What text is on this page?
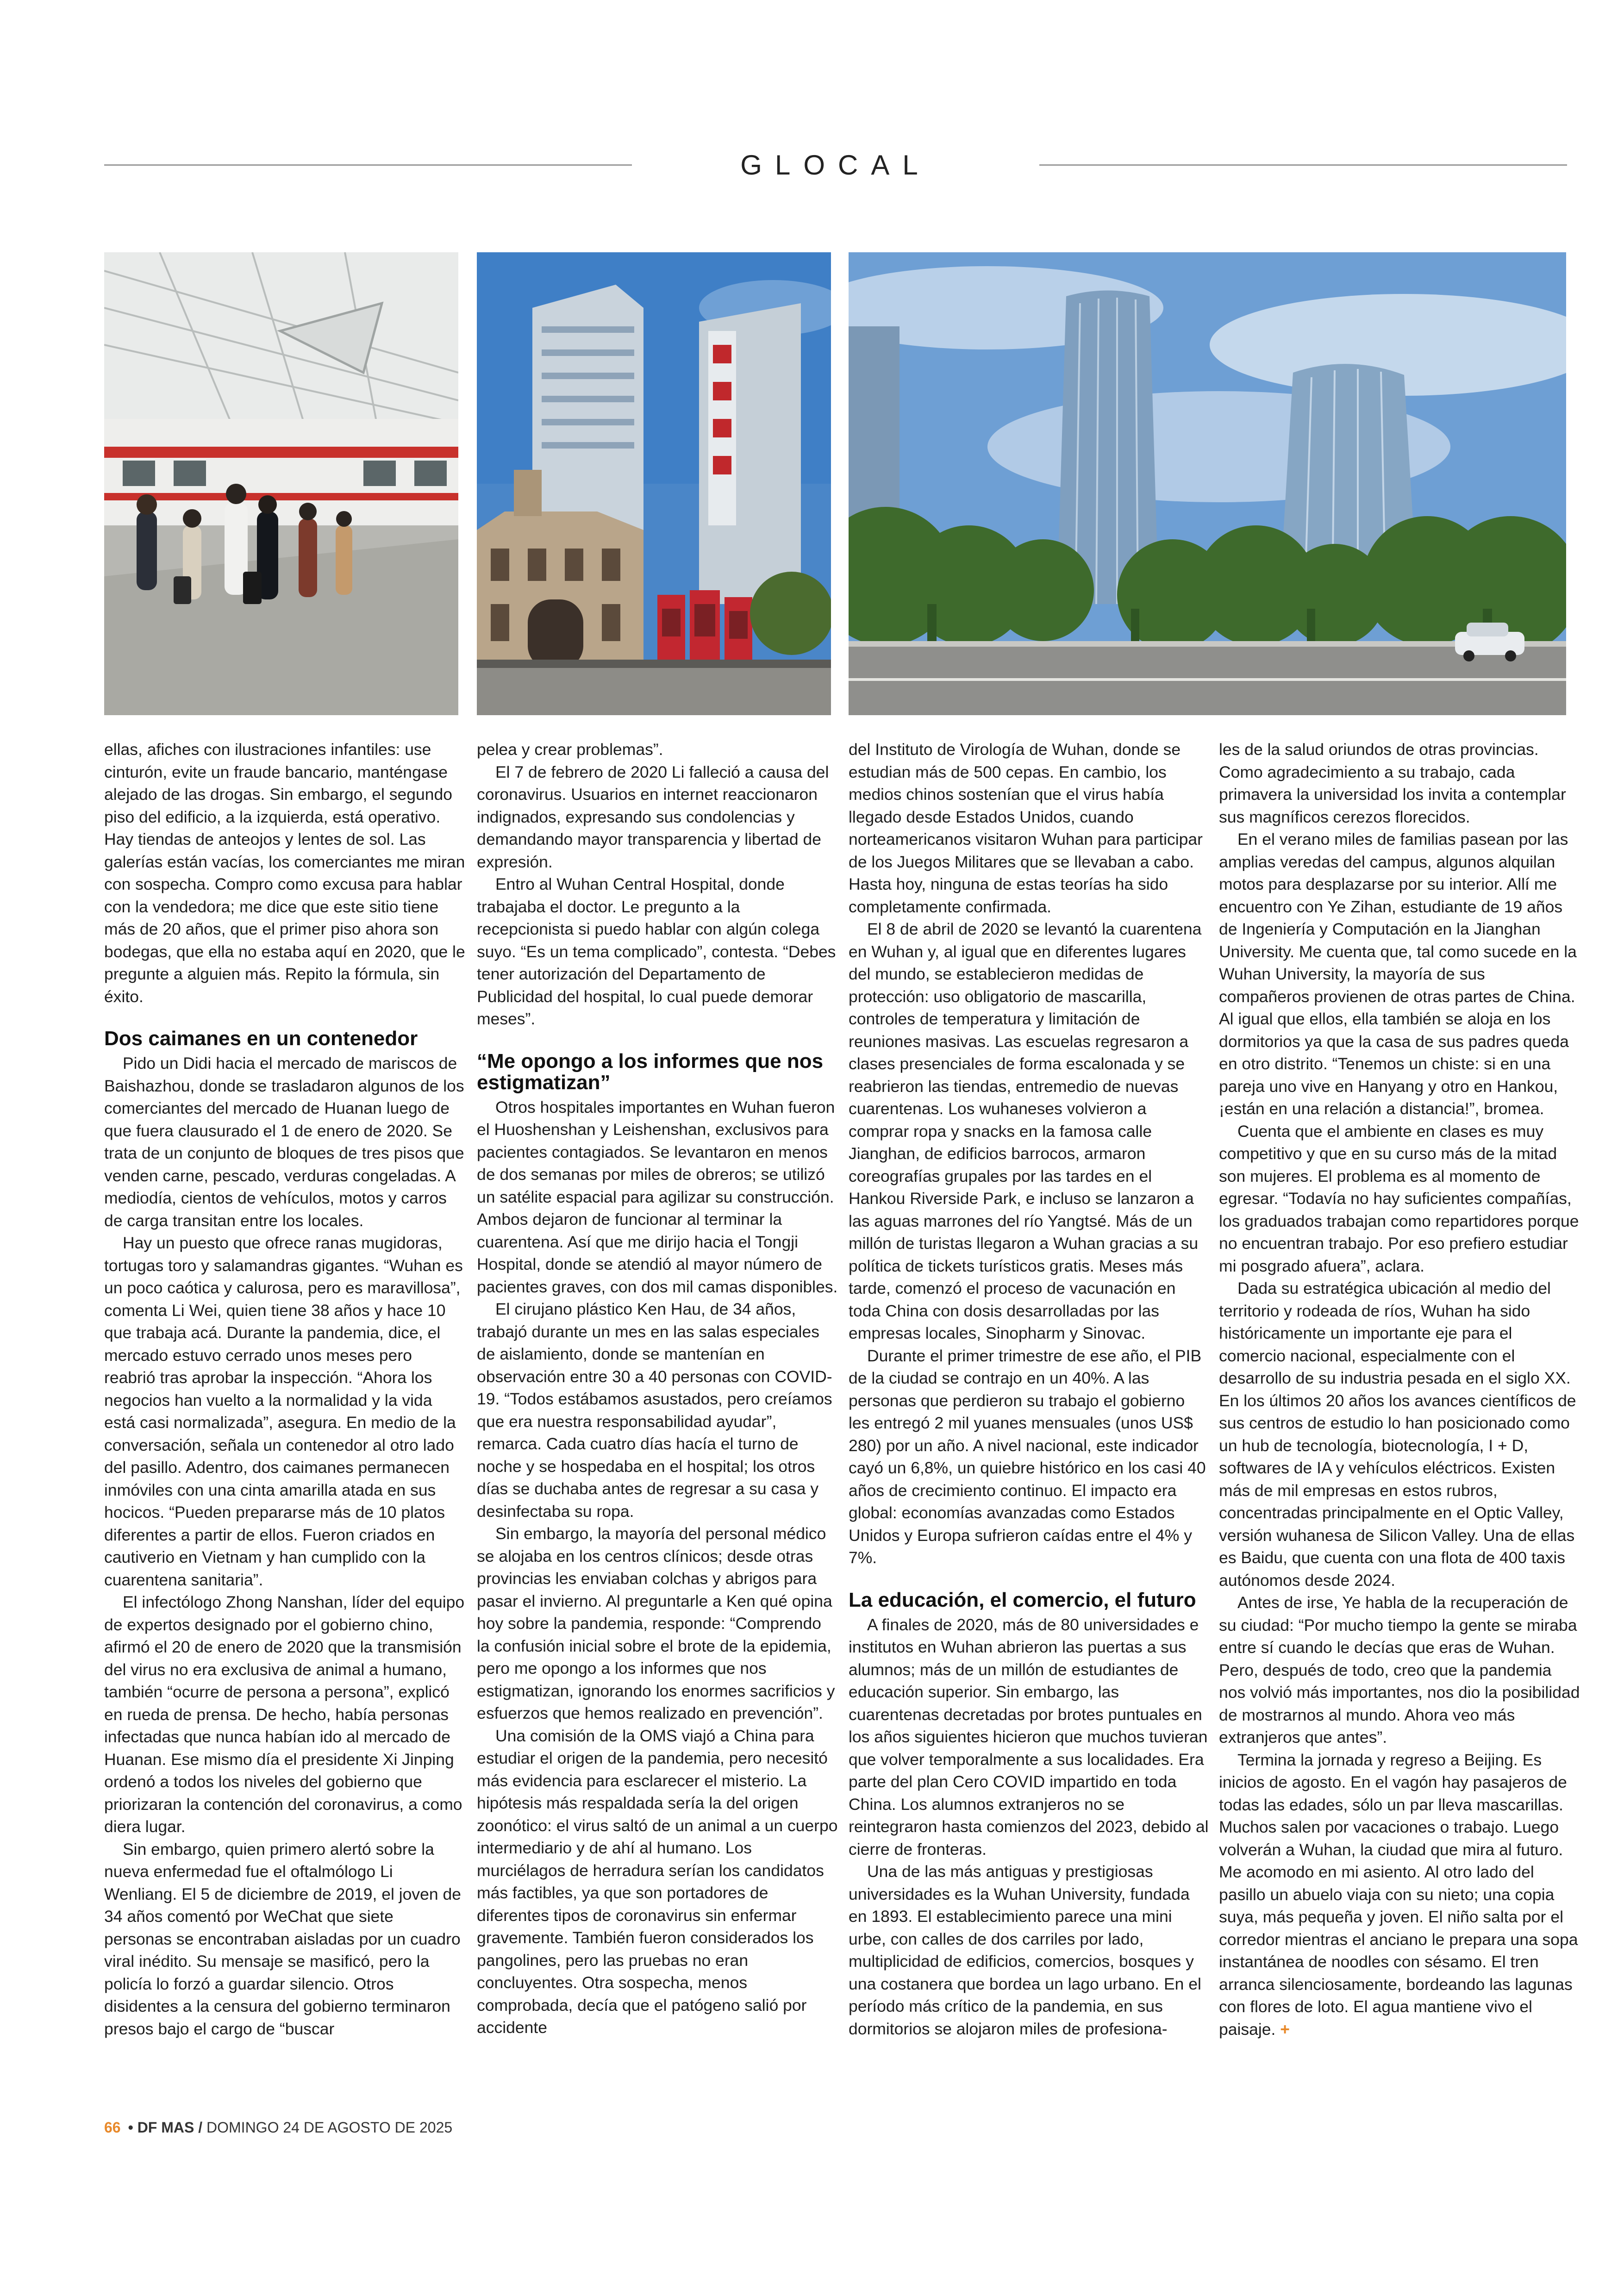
GLOCAL

ellas, afiches con ilustraciones infantiles: use cinturón, evite un fraude bancario, manténgase alejado de las drogas. Sin embargo, el segundo piso del edificio, a la izquierda, está operativo. Hay tiendas de anteojos y lentes de sol. Las galerías están vacías, los comerciantes me miran con sospecha. Compro como excusa para hablar con la vendedora; me dice que este sitio tiene más de 20 años, que el primer piso ahora son bodegas, que ella no estaba aquí en 2020, que le pregunte a alguien más. Repito la fórmula, sin éxito.

Dos caimanes en un contenedor

Pido un Didi hacia el mercado de mariscos de Baishazhou, donde se trasladaron algunos de los comerciantes del mercado de Huanan luego de que fuera clausurado el 1 de enero de 2020. Se trata de un conjunto de bloques de tres pisos que venden carne, pescado, verduras congeladas. A mediodía, cientos de vehículos, motos y carros de carga transitan entre los locales.

Hay un puesto que ofrece ranas mugidoras, tortugas toro y salamandras gigantes. “Wuhan es un poco caótica y calurosa, pero es maravillosa”, comenta Li Wei, quien tiene 38 años y hace 10 que trabaja acá. Durante la pandemia, dice, el mercado estuvo cerrado unos meses pero reabrió tras aprobar la inspección. “Ahora los negocios han vuelto a la normalidad y la vida está casi normalizada”, asegura. En medio de la conversación, señala un contenedor al otro lado del pasillo. Adentro, dos caimanes permanecen inmóviles con una cinta amarilla atada en sus hocicos. “Pueden prepararse más de 10 platos diferentes a partir de ellos. Fueron criados en cautiverio en Vietnam y han cumplido con la cuarentena sanitaria”.

El infectólogo Zhong Nanshan, líder del equipo de expertos designado por el gobierno chino, afirmó el 20 de enero de 2020 que la transmisión del virus no era exclusiva de animal a humano, también “ocurre de persona a persona”, explicó en rueda de prensa. De hecho, había personas infectadas que nunca habían ido al mercado de Huanan. Ese mismo día el presidente Xi Jinping ordenó a todos los niveles del gobierno que priorizaran la contención del coronavirus, a como diera lugar.

Sin embargo, quien primero alertó sobre la nueva enfermedad fue el oftalmólogo Li Wenliang. El 5 de diciembre de 2019, el joven de 34 años comentó por WeChat que siete personas se encontraban aisladas por un cuadro viral inédito. Su mensaje se masificó, pero la policía lo forzó a guardar silencio. Otros disidentes a la censura del gobierno terminaron presos bajo el cargo de “buscar

pelea y crear problemas”.

El 7 de febrero de 2020 Li falleció a causa del coronavirus. Usuarios en internet reaccionaron indignados, expresando sus condolencias y demandando mayor transparencia y libertad de expresión.

Entro al Wuhan Central Hospital, donde trabajaba el doctor. Le pregunto a la recepcionista si puedo hablar con algún colega suyo. “Es un tema complicado”, contesta. “Debes tener autorización del Departamento de Publicidad del hospital, lo cual puede demorar meses”.

“Me opongo a los informes que nos estigmatizan”

Otros hospitales importantes en Wuhan fueron el Huoshenshan y Leishenshan, exclusivos para pacientes contagiados. Se levantaron en menos de dos semanas por miles de obreros; se utilizó un satélite espacial para agilizar su construcción. Ambos dejaron de funcionar al terminar la cuarentena. Así que me dirijo hacia el Tongji Hospital, donde se atendió al mayor número de pacientes graves, con dos mil camas disponibles.

El cirujano plástico Ken Hau, de 34 años, trabajó durante un mes en las salas especiales de aislamiento, donde se mantenían en observación entre 30 a 40 personas con COVID-19. “Todos estábamos asustados, pero creíamos que era nuestra responsabilidad ayudar”, remarca. Cada cuatro días hacía el turno de noche y se hospedaba en el hospital; los otros días se duchaba antes de regresar a su casa y desinfectaba su ropa.

Sin embargo, la mayoría del personal médico se alojaba en los centros clínicos; desde otras provincias les enviaban colchas y abrigos para pasar el invierno. Al preguntarle a Ken qué opina hoy sobre la pandemia, responde: “Comprendo la confusión inicial sobre el brote de la epidemia, pero me opongo a los informes que nos estigmatizan, ignorando los enormes sacrificios y esfuerzos que hemos realizado en prevención”.

Una comisión de la OMS viajó a China para estudiar el origen de la pandemia, pero necesitó más evidencia para esclarecer el misterio. La hipótesis más respaldada sería la del origen zoonótico: el virus saltó de un animal a un cuerpo intermediario y de ahí al humano. Los murciélagos de herradura serían los candidatos más factibles, ya que son portadores de diferentes tipos de coronavirus sin enfermar gravemente. También fueron considerados los pangolines, pero las pruebas no eran concluyentes. Otra sospecha, menos comprobada, decía que el patógeno salió por accidente

del Instituto de Virología de Wuhan, donde se estudian más de 500 cepas. En cambio, los medios chinos sostenían que el virus había llegado desde Estados Unidos, cuando norteamericanos visitaron Wuhan para participar de los Juegos Militares que se llevaban a cabo. Hasta hoy, ninguna de estas teorías ha sido completamente confirmada.

El 8 de abril de 2020 se levantó la cuarentena en Wuhan y, al igual que en diferentes lugares del mundo, se establecieron medidas de protección: uso obligatorio de mascarilla, controles de temperatura y limitación de reuniones masivas. Las escuelas regresaron a clases presenciales de forma escalonada y se reabrieron las tiendas, entremedio de nuevas cuarentenas. Los wuhaneses volvieron a comprar ropa y snacks en la famosa calle Jianghan, de edificios barrocos, armaron coreografías grupales por las tardes en el Hankou Riverside Park, e incluso se lanzaron a las aguas marrones del río Yangtsé. Más de un millón de turistas llegaron a Wuhan gracias a su política de tickets turísticos gratis. Meses más tarde, comenzó el proceso de vacunación en toda China con dosis desarrolladas por las empresas locales, Sinopharm y Sinovac.

Durante el primer trimestre de ese año, el PIB de la ciudad se contrajo en un 40%. A las personas que perdieron su trabajo el gobierno les entregó 2 mil yuanes mensuales (unos US$ 280) por un año. A nivel nacional, este indicador cayó un 6,8%, un quiebre histórico en los casi 40 años de crecimiento continuo. El impacto era global: economías avanzadas como Estados Unidos y Europa sufrieron caídas entre el 4% y 7%.

La educación, el comercio, el futuro

A finales de 2020, más de 80 universidades e institutos en Wuhan abrieron las puertas a sus alumnos; más de un millón de estudiantes de educación superior. Sin embargo, las cuarentenas decretadas por brotes puntuales en los años siguientes hicieron que muchos tuvieran que volver temporalmente a sus localidades. Era parte del plan Cero COVID impartido en toda China. Los alumnos extranjeros no se reintegraron hasta comienzos del 2023, debido al cierre de fronteras.

Una de las más antiguas y prestigiosas universidades es la Wuhan University, fundada en 1893. El establecimiento parece una mini urbe, con calles de dos carriles por lado, multiplicidad de edificios, comercios, bosques y una costanera que bordea un lago urbano. En el período más crítico de la pandemia, en sus dormitorios se alojaron miles de profesiona-

les de la salud oriundos de otras provincias. Como agradecimiento a su trabajo, cada primavera la universidad los invita a contemplar sus magníficos cerezos florecidos.

En el verano miles de familias pasean por las amplias veredas del campus, algunos alquilan motos para desplazarse por su interior. Allí me encuentro con Ye Zihan, estudiante de 19 años de Ingeniería y Computación en la Jianghan University. Me cuenta que, tal como sucede en la Wuhan University, la mayoría de sus compañeros provienen de otras partes de China. Al igual que ellos, ella también se aloja en los dormitorios ya que la casa de sus padres queda en otro distrito. “Tenemos un chiste: si en una pareja uno vive en Hanyang y otro en Hankou, ¡están en una relación a distancia!”, bromea.

Cuenta que el ambiente en clases es muy competitivo y que en su curso más de la mitad son mujeres. El problema es al momento de egresar. “Todavía no hay suficientes compañías, los graduados trabajan como repartidores porque no encuentran trabajo. Por eso prefiero estudiar mi posgrado afuera”, aclara.

Dada su estratégica ubicación al medio del territorio y rodeada de ríos, Wuhan ha sido históricamente un importante eje para el comercio nacional, especialmente con el desarrollo de su industria pesada en el siglo XX. En los últimos 20 años los avances científicos de sus centros de estudio lo han posicionado como un hub de tecnología, biotecnología, I + D, softwares de IA y vehículos eléctricos. Existen más de mil empresas en estos rubros, concentradas principalmente en el Optic Valley, versión wuhanesa de Silicon Valley. Una de ellas es Baidu, que cuenta con una flota de 400 taxis autónomos desde 2024.

Antes de irse, Ye habla de la recuperación de su ciudad: “Por mucho tiempo la gente se miraba entre sí cuando le decías que eras de Wuhan. Pero, después de todo, creo que la pandemia nos volvió más importantes, nos dio la posibilidad de mostrarnos al mundo. Ahora veo más extranjeros que antes”.

Termina la jornada y regreso a Beijing. Es inicios de agosto. En el vagón hay pasajeros de todas las edades, sólo un par lleva mascarillas. Muchos salen por vacaciones o trabajo. Luego volverán a Wuhan, la ciudad que mira al futuro. Me acomodo en mi asiento. Al otro lado del pasillo un abuelo viaja con su nieto; una copia suya, más pequeña y joven. El niño salta por el corredor mientras el anciano le prepara una sopa instantánea de noodles con sésamo. El tren arranca silenciosamente, bordeando las lagunas con flores de loto. El agua mantiene vivo el paisaje. +

66 • DF MAS / DOMINGO 24 DE AGOSTO DE 2025
